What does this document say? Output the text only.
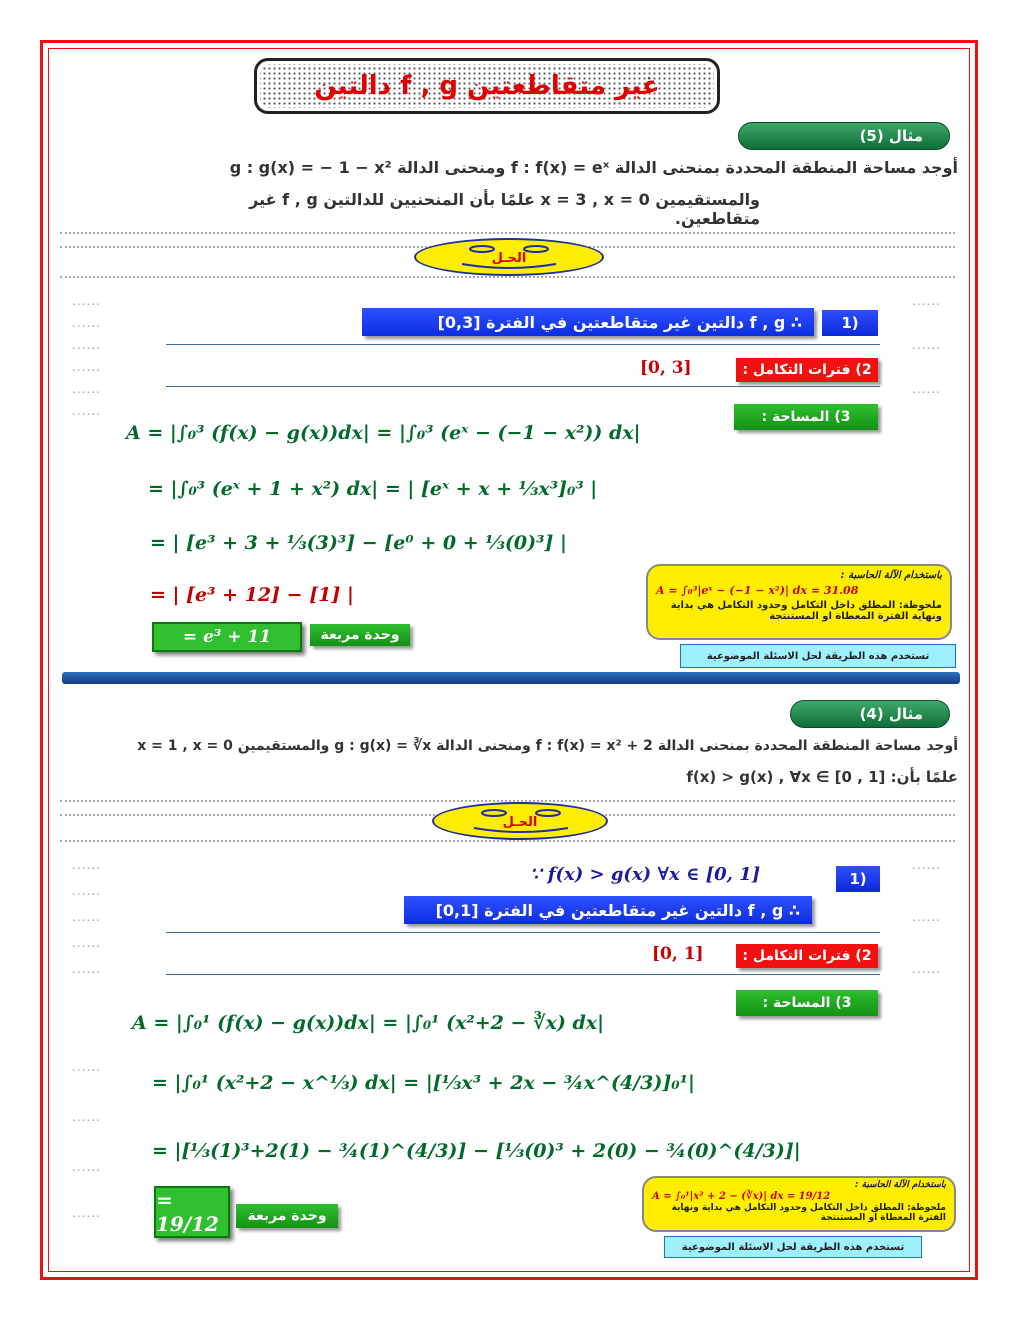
دالتين f , g غير متقاطعتين
مثال (5)
أوجد مساحة المنطقة المحددة بمنحنى الدالة f : f(x) = eˣ ومنحنى الدالة g : g(x) = − 1 − x²
والمستقيمين x = 3 , x = 0 علمًا بأن المنحنيين للدالتين f , g غير متقاطعين.
الحـل
......
......
......
......
......
......
......
......
......
1)
∴ f , g دالتين غير متقاطعتين في الفترة [0,3]
2) فترات التكامل :
[0, 3]
3) المساحة :
A = |∫₀³ (f(x) − g(x))dx| = |∫₀³ (eˣ − (−1 − x²)) dx|
= |∫₀³ (eˣ + 1 + x²) dx| = | [eˣ + x + ⅓x³]₀³ |
= | [e³ + 3 + ⅓(3)³] − [e⁰ + 0 + ⅓(0)³] |
= | [e³ + 12] − [1] |
= e³ + 11	وحدة مربعة
باستخدام الآلة الحاسبة :
A = ∫₀³|eˣ − (−1 − x²)| dx = 31.08
ملحوظة: المطلق داخل التكامل وحدود التكامل هي بداية ونهاية الفترة المعطاة او المستنتجة
تستخدم هذه الطريقة لحل الاسئلة الموضوعية
مثال (4)
أوجد مساحة المنطقة المحددة بمنحنى الدالة f : f(x) = x² + 2 ومنحنى الدالة g : g(x) = ∛x والمستقيمين x = 1 , x = 0
علمًا بأن: f(x) > g(x) , ∀x ∈ [0 , 1]
الحـل
......
......
......
......
......
......
......
......
......
......
......
......
1)
∵ f(x) > g(x) ∀x ∈ [0, 1]
∴ f , g دالتين غير متقاطعتين في الفترة [0,1]
2) فترات التكامل :
[0, 1]
3) المساحة :
A = |∫₀¹ (f(x) − g(x))dx| = |∫₀¹ (x²+2 − ∛x) dx|
= |∫₀¹ (x²+2 − x^⅓) dx| = |[⅓x³ + 2x − ¾x^(4/3)]₀¹|
= |[⅓(1)³+2(1) − ¾(1)^(4/3)] − [⅓(0)³ + 2(0) − ¾(0)^(4/3)]|
= 19/12	وحدة مربعة
باستخدام الآلة الحاسبة :
A = ∫₀¹|x² + 2 − (∛x)| dx = 19/12
ملحوظة: المطلق داخل التكامل وحدود التكامل هي بداية ونهاية الفترة المعطاة او المستنتجة
تستخدم هذه الطريقة لحل الاسئلة الموضوعية
